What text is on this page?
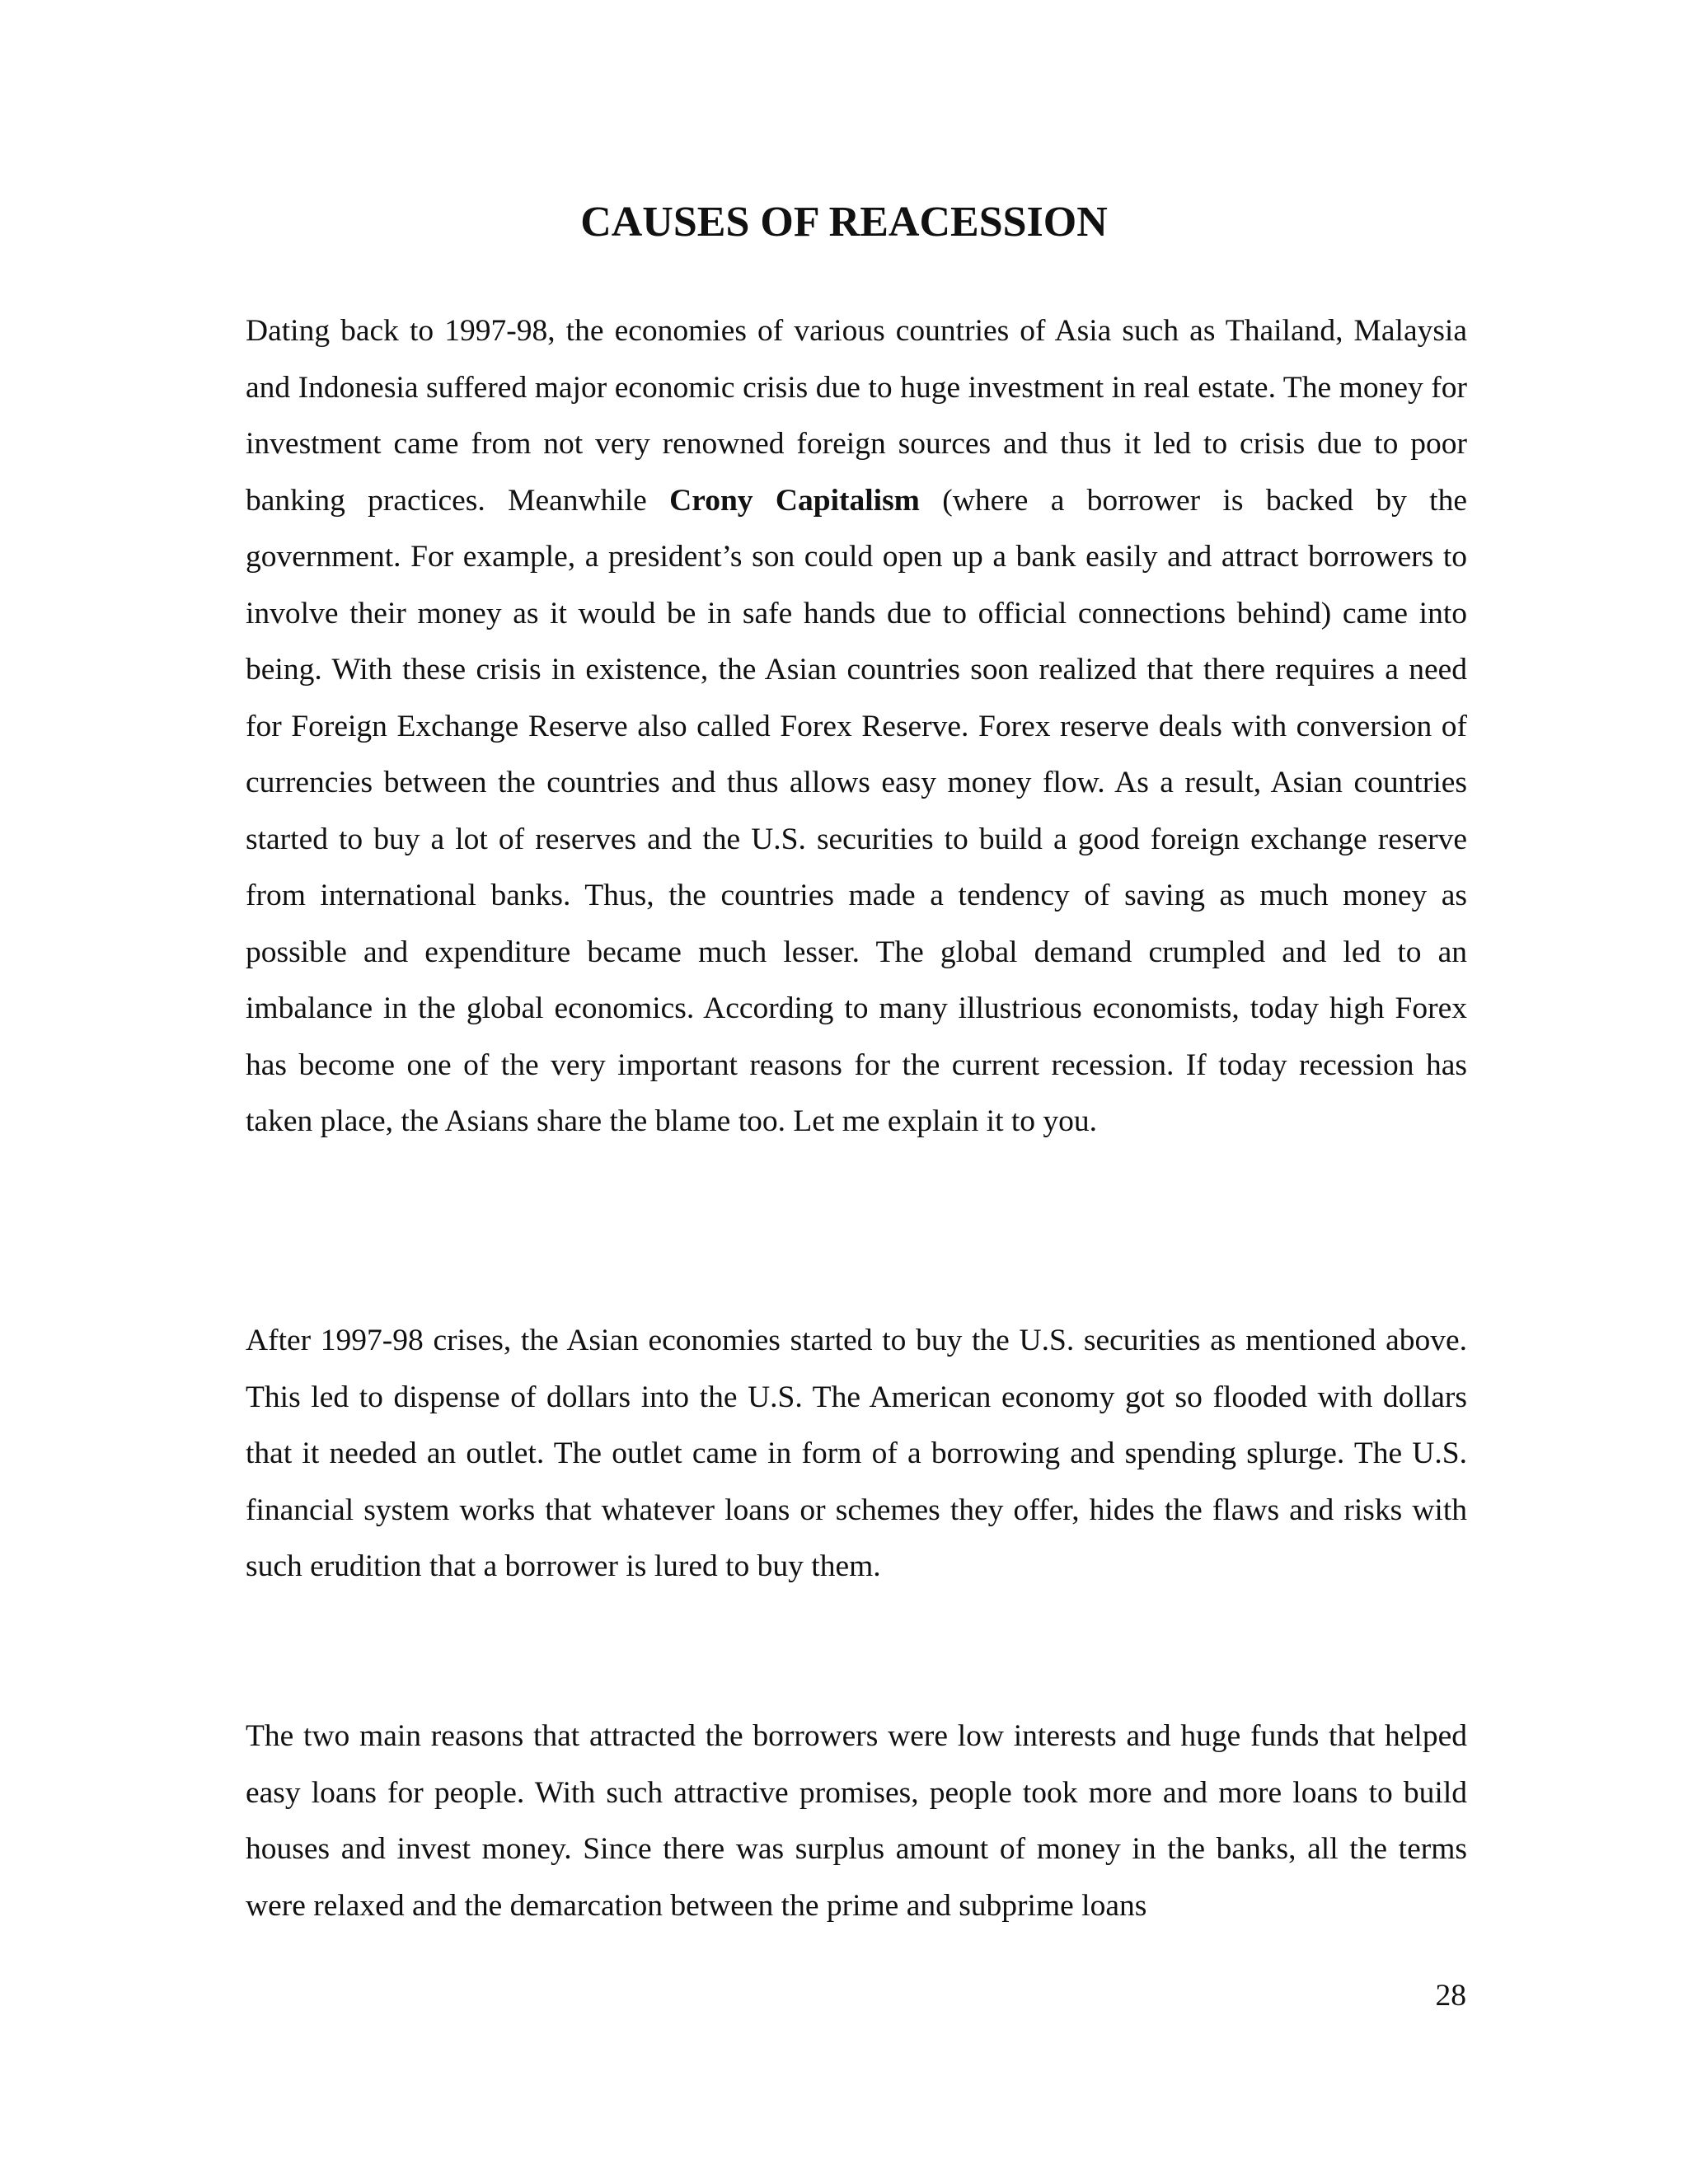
CAUSES OF REACESSION

Dating back to 1997-98, the economies of various countries of Asia such as Thailand, Malaysia and Indonesia suffered major economic crisis due to huge investment in real estate. The money for investment came from not very renowned foreign sources and thus it led to crisis due to poor banking practices. Meanwhile Crony Capitalism (where a borrower is backed by the government. For example, a president’s son could open up a bank easily and attract borrowers to involve their money as it would be in safe hands due to official connections behind) came into being. With these crisis in existence, the Asian countries soon realized that there requires a need for Foreign Exchange Reserve also called Forex Reserve. Forex reserve deals with conversion of currencies between the countries and thus allows easy money flow. As a result, Asian countries started to buy a lot of reserves and the U.S. securities to build a good foreign exchange reserve from international banks. Thus, the countries made a tendency of saving as much money as possible and expenditure became much lesser. The global demand crumpled and led to an imbalance in the global economics. According to many illustrious economists, today high Forex has become one of the very important reasons for the current recession. If today recession has taken place, the Asians share the blame too. Let me explain it to you.

After 1997-98 crises, the Asian economies started to buy the U.S. securities as mentioned above. This led to dispense of dollars into the U.S. The American economy got so flooded with dollars that it needed an outlet. The outlet came in form of a borrowing and spending splurge. The U.S. financial system works that whatever loans or schemes they offer, hides the flaws and risks with such erudition that a borrower is lured to buy them.

The two main reasons that attracted the borrowers were low interests and huge funds that helped easy loans for people. With such attractive promises, people took more and more loans to build houses and invest money. Since there was surplus amount of money in the banks, all the terms were relaxed and the demarcation between the prime and subprime loans

28
